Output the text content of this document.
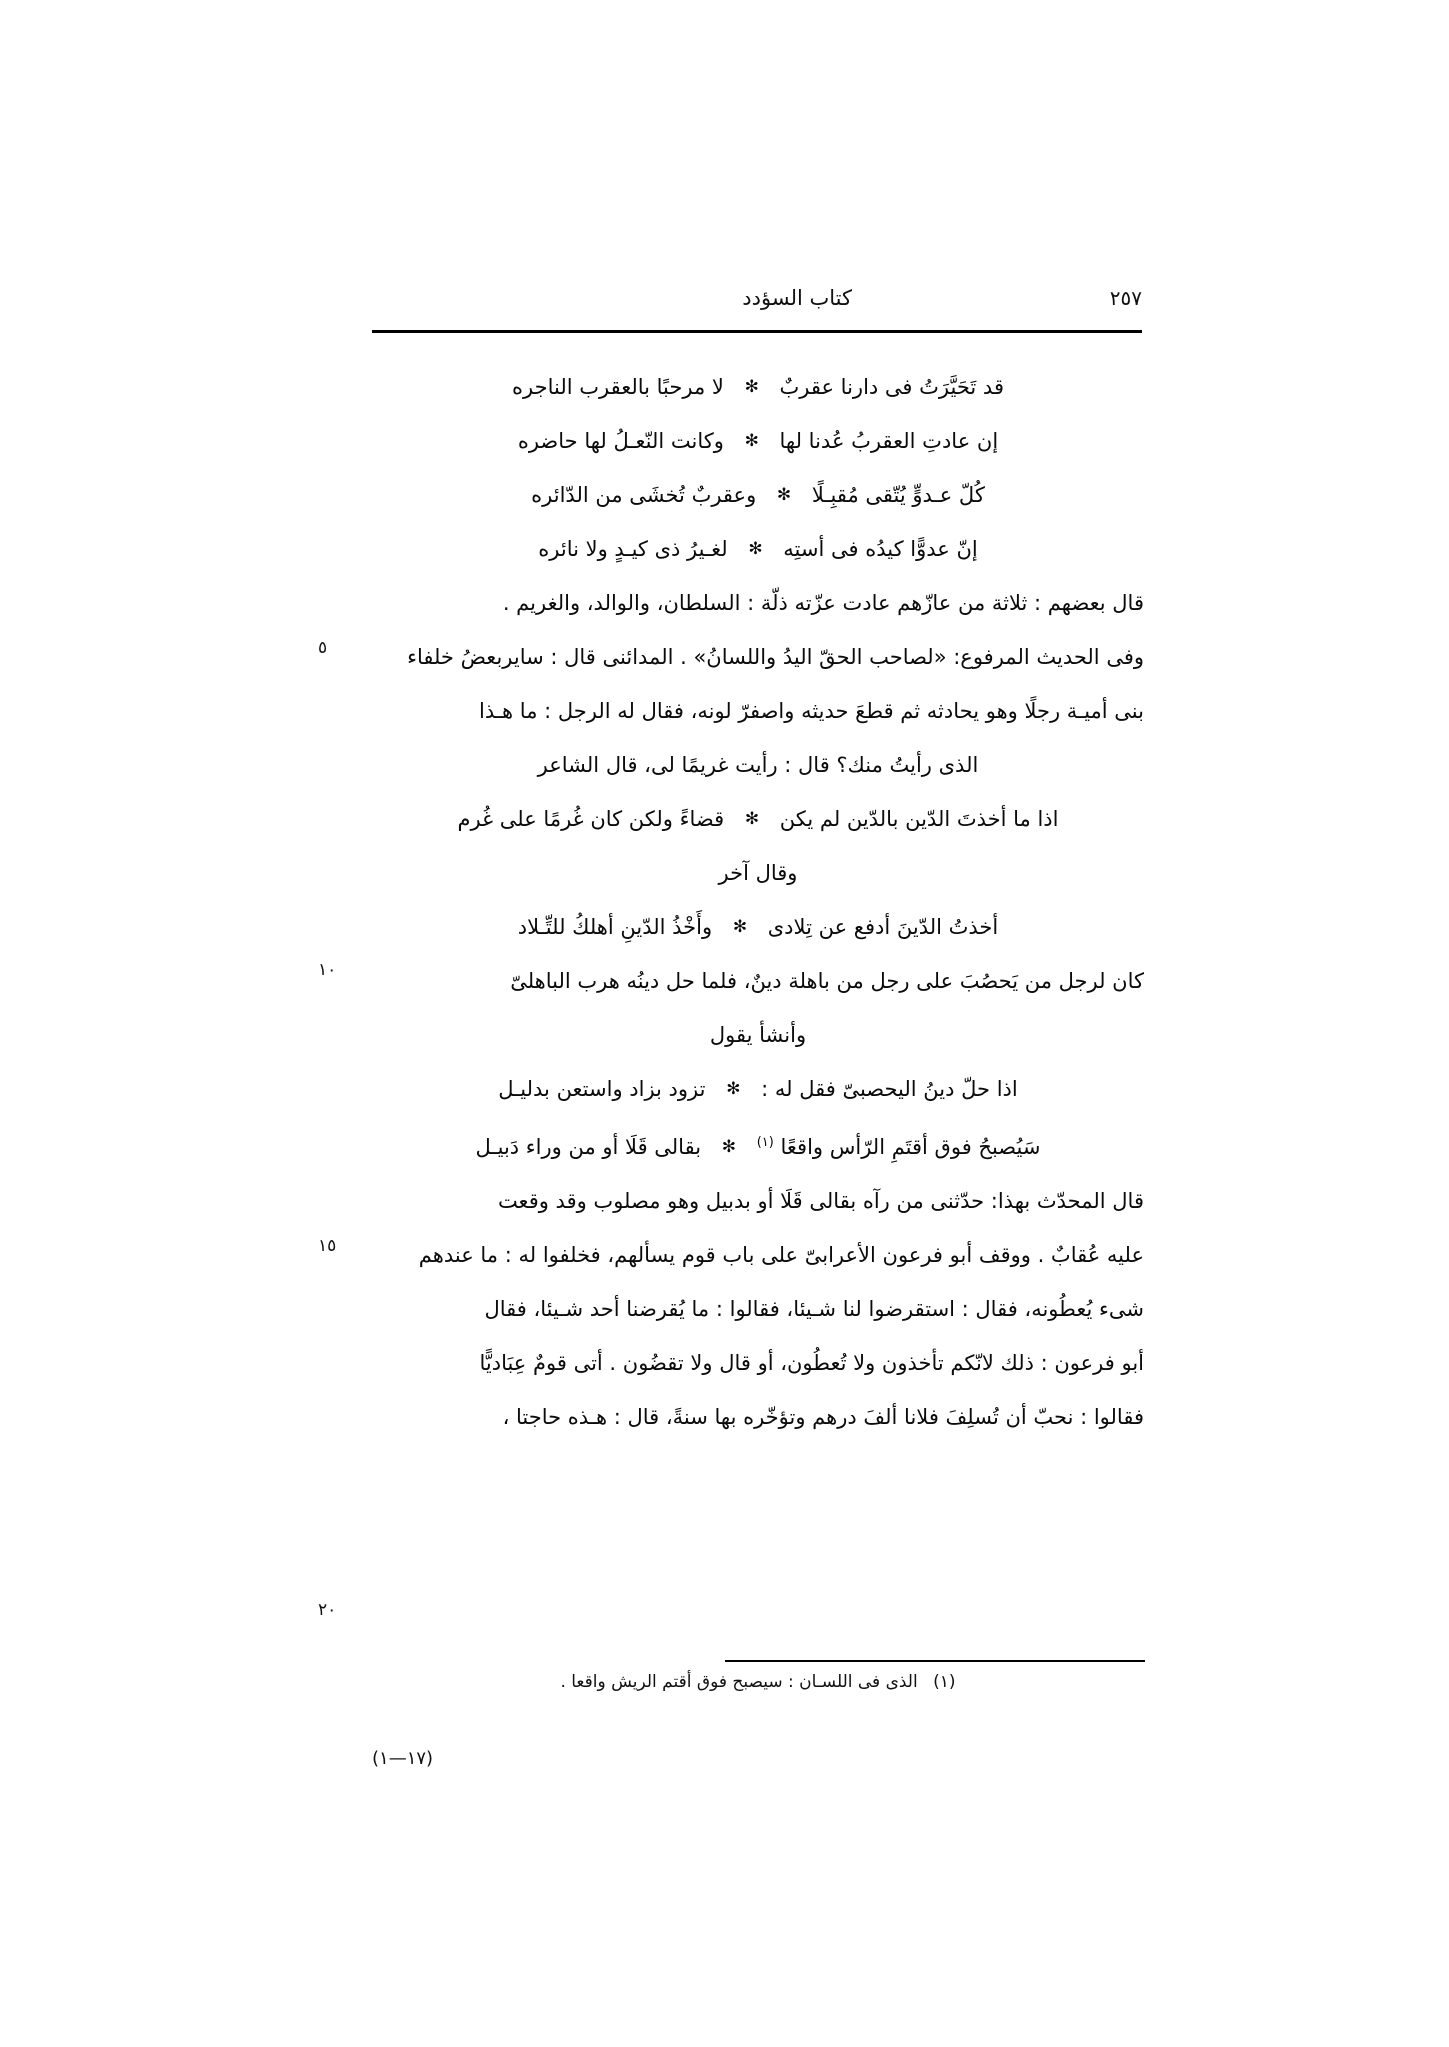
٢٥٧
كتاب السؤدد
قد تَحَيَّرَتُ فى دارنا عقربٌ ✻ لا مرحبًا بالعقرب الناجره
إن عادتِ العقربُ عُدنا لها ✻ وكانت النّعـلُ لها حاضره
كُلّ عـدوٍّ يُتّقى مُقبِـلًا ✻ وعقربٌ تُخشَى من الدّائره
إنّ عدوًّا كيدُه فى أستِه ✻ لغـيرُ ذى كيـدٍ ولا نائره
قال بعضهم : ثلاثة من عازّهم عادت عزّته ذلّة : السلطان، والوالد، والغريم .
وفى الحديث المرفوع: «لصاحب الحقّ اليدُ واللسانُ» . المدائنى قال : سايربعضُ خلفاء
بنى أميـة رجلًا وهو يحادثه ثم قطعَ حديثه واصفرّ لونه، فقال له الرجل : ما هـذا
الذى رأيتُ منك؟ قال : رأيت غريمًا لى، قال الشاعر
اذا ما أخذتَ الدّين بالدّين لم يكن ✻ قضاءً ولكن كان غُرمًا على غُرم
وقال آخر
أخذتُ الدّينَ أدفع عن تِلادى ✻ وأَخْذُ الدّينِ أهلكُ للتِّـلاد
كان لرجل من يَحصُبَ على رجل من باهلة دينٌ، فلما حل دينُه هرب الباهلىّ
وأنشأ يقول
اذا حلّ دينُ اليحصبىّ فقل له : ✻ تزود بزاد واستعن بدليـل
سَيُصبحُ فوق أقتَمِ الرّأس واقعًا $^{(١)}$ ✻ بقالى قَلَا أو من وراء دَبيـل
قال المحدّث بهذا: حدّثنى من رآه بقالى قَلَا أو بدبيل وهو مصلوب وقد وقعت
عليه عُقابٌ . ووقف أبو فرعون الأعرابىّ على باب قوم يسألهم، فخلفوا له : ما عندهم
شىء يُعطُونه، فقال : استقرضوا لنا شـيئا، فقالوا : ما يُقرضنا أحد شـيئا، فقال
أبو فرعون : ذلك لانّكم تأخذون ولا تُعطُون، أو قال ولا تقضُون . أتى قومٌ عِبَاديًّا
فقالوا : نحبّ أن تُسلِفَ فلانا ألفَ درهم وتؤخّره بها سنةً، قال : هـذه حاجتا ،
٥
١٠
١٥
٢٠
(١) الذى فى اللسـان : سيصبح فوق أقتم الريش واقعا .
(١٧—١)
